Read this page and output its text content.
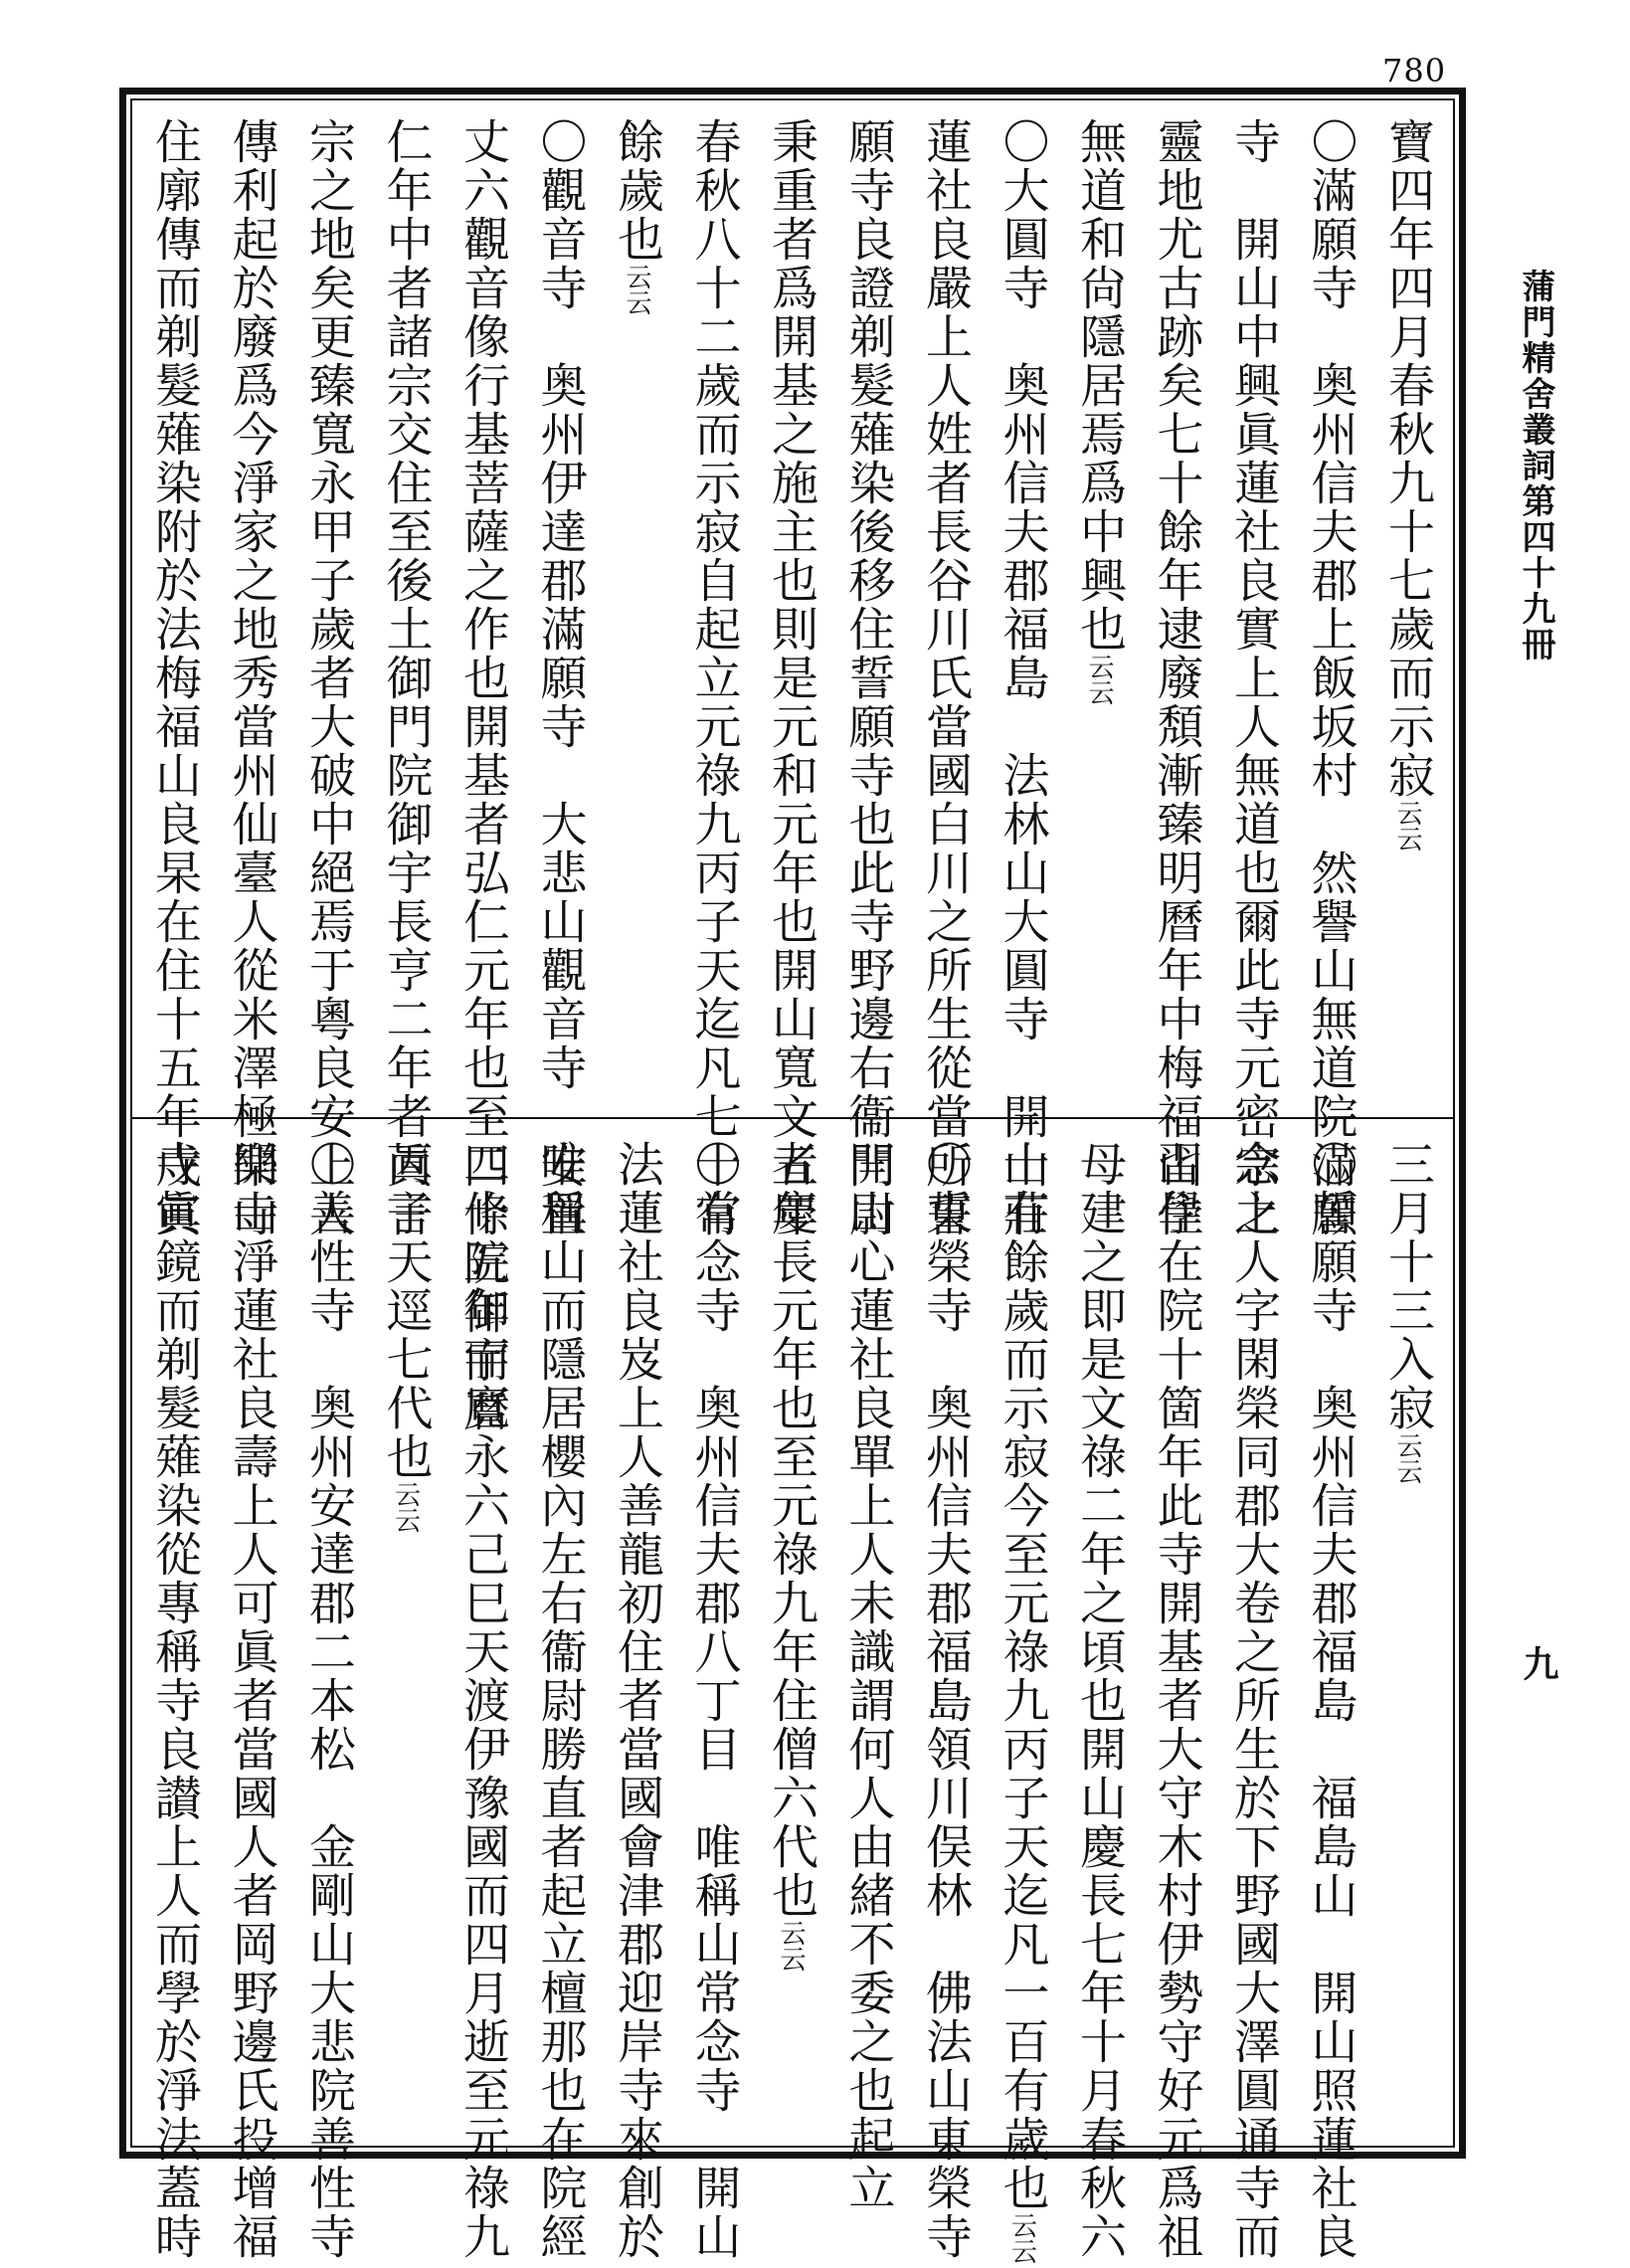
780
寶四年四月春秋九十七歲而示寂云云
〇滿願寺　奥州信夫郡上飯坂村　然譽山無道院滿願
寺　開山中興眞蓮社良實上人無道也爾此寺元密宗之
靈地尤古跡矣七十餘年逮廢頽漸臻明曆年中梅福山住
無道和尙隱居焉爲中興也云云
〇大圓寺　奥州信夫郡福島　法林山大圓寺　開山莊
蓮社良嚴上人姓者長谷川氏當國白川之所生從當所誓
願寺良證剃髮薙染後移住誓願寺也此寺野邊右衞門尉
秉重者爲開基之施主也則是元和元年也開山寬文五年
春秋八十二歲而示寂自起立元祿九丙子天迄凡七十有
餘歲也云云
〇觀音寺　奥州伊達郡滿願寺　大悲山觀音寺　安置
丈六觀音像行基菩薩之作也開基者弘仁元年也至四條院御宇曆
仁年中者諸宗交住至後土御門院御宇長亨二年者眞言
宗之地矣更臻寬永甲子歲者大破中絕焉于粵良安上人
傳利起於廢爲今淨家之地秀當州仙臺人從米澤極樂寺
住廓傳而剃髮薙染附於法梅福山良杲在住十五年戊寅
三月十三入寂云云
〇誓願寺　奥州信夫郡福島　福島山　開山照蓮社良
念上人字閑榮同郡大卷之所生於下野國大澤圓通寺而
習學在院十箇年此寺開基者大守木村伊勢守好元爲祖
母建之即是文祿二年之頃也開山慶長七年十月春秋六
十有餘歲而示寂今至元祿九丙子天迄凡一百有歲也云云
〇東榮寺　奥州信夫郡福島領川俣林　佛法山東榮寺
開山心蓮社良單上人未識謂何人由緒不委之也起立
者慶長元年也至元祿九年住僧六代也云云
〇常念寺　奥州信夫郡八丁目　唯稱山常念寺　開山
法蓮社良岌上人善龍初住者當國會津郡迎岸寺來創於
唯稱山而隱居櫻內左右衞尉勝直者起立檀那也在院經
二十五年而寬永六己巳天渡伊豫國而四月逝至元祿九
丙子天逕七代也云云
〇善性寺　奥州安達郡二本松　金剛山大悲院善性寺
開山淨蓮社良壽上人可眞者當國人者岡野邊氏投增福
寺眞鏡而剃髮薙染從專稱寺良讃上人而學於淨法蓋時
蒲門精舍叢詞第四十九冊
九
